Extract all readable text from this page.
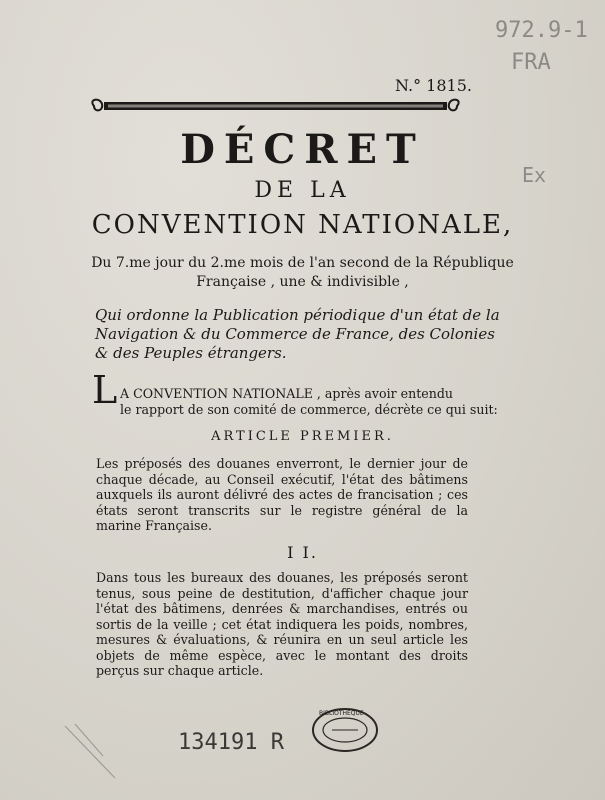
972.9-1
FRA
Ex
N.° 1815.
DÉCRET
DE LA
CONVENTION NATIONALE,
Du 7.me jour du 2.me mois de l'an second de la République
Française , une & indivisible ,
Qui ordonne la Publication périodique d'un état de la
Navigation & du Commerce de France, des Colonies
& des Peuples étrangers.
L A CONVENTION NATIONALE , après avoir entendu
le rapport de son comité de commerce, décrète ce qui suit:
ARTICLE PREMIER.
Les préposés des douanes enverront, le dernier jour de chaque décade, au Conseil exécutif, l'état des bâtimens auxquels ils auront délivré des actes de francisation ; ces états seront transcrits sur le registre général de la marine Française.
I I.
Dans tous les bureaux des douanes, les préposés seront tenus, sous peine de destitution, d'afficher chaque jour l'état des bâtimens, denrées & marchandises, entrés ou sortis de la veille ; cet état indiquera les poids, nombres, mesures & évaluations, & réunira en un seul article les objets de même espèce, avec le montant des droits perçus sur chaque article.
BIBLIOTHÈQUE
134191 R
